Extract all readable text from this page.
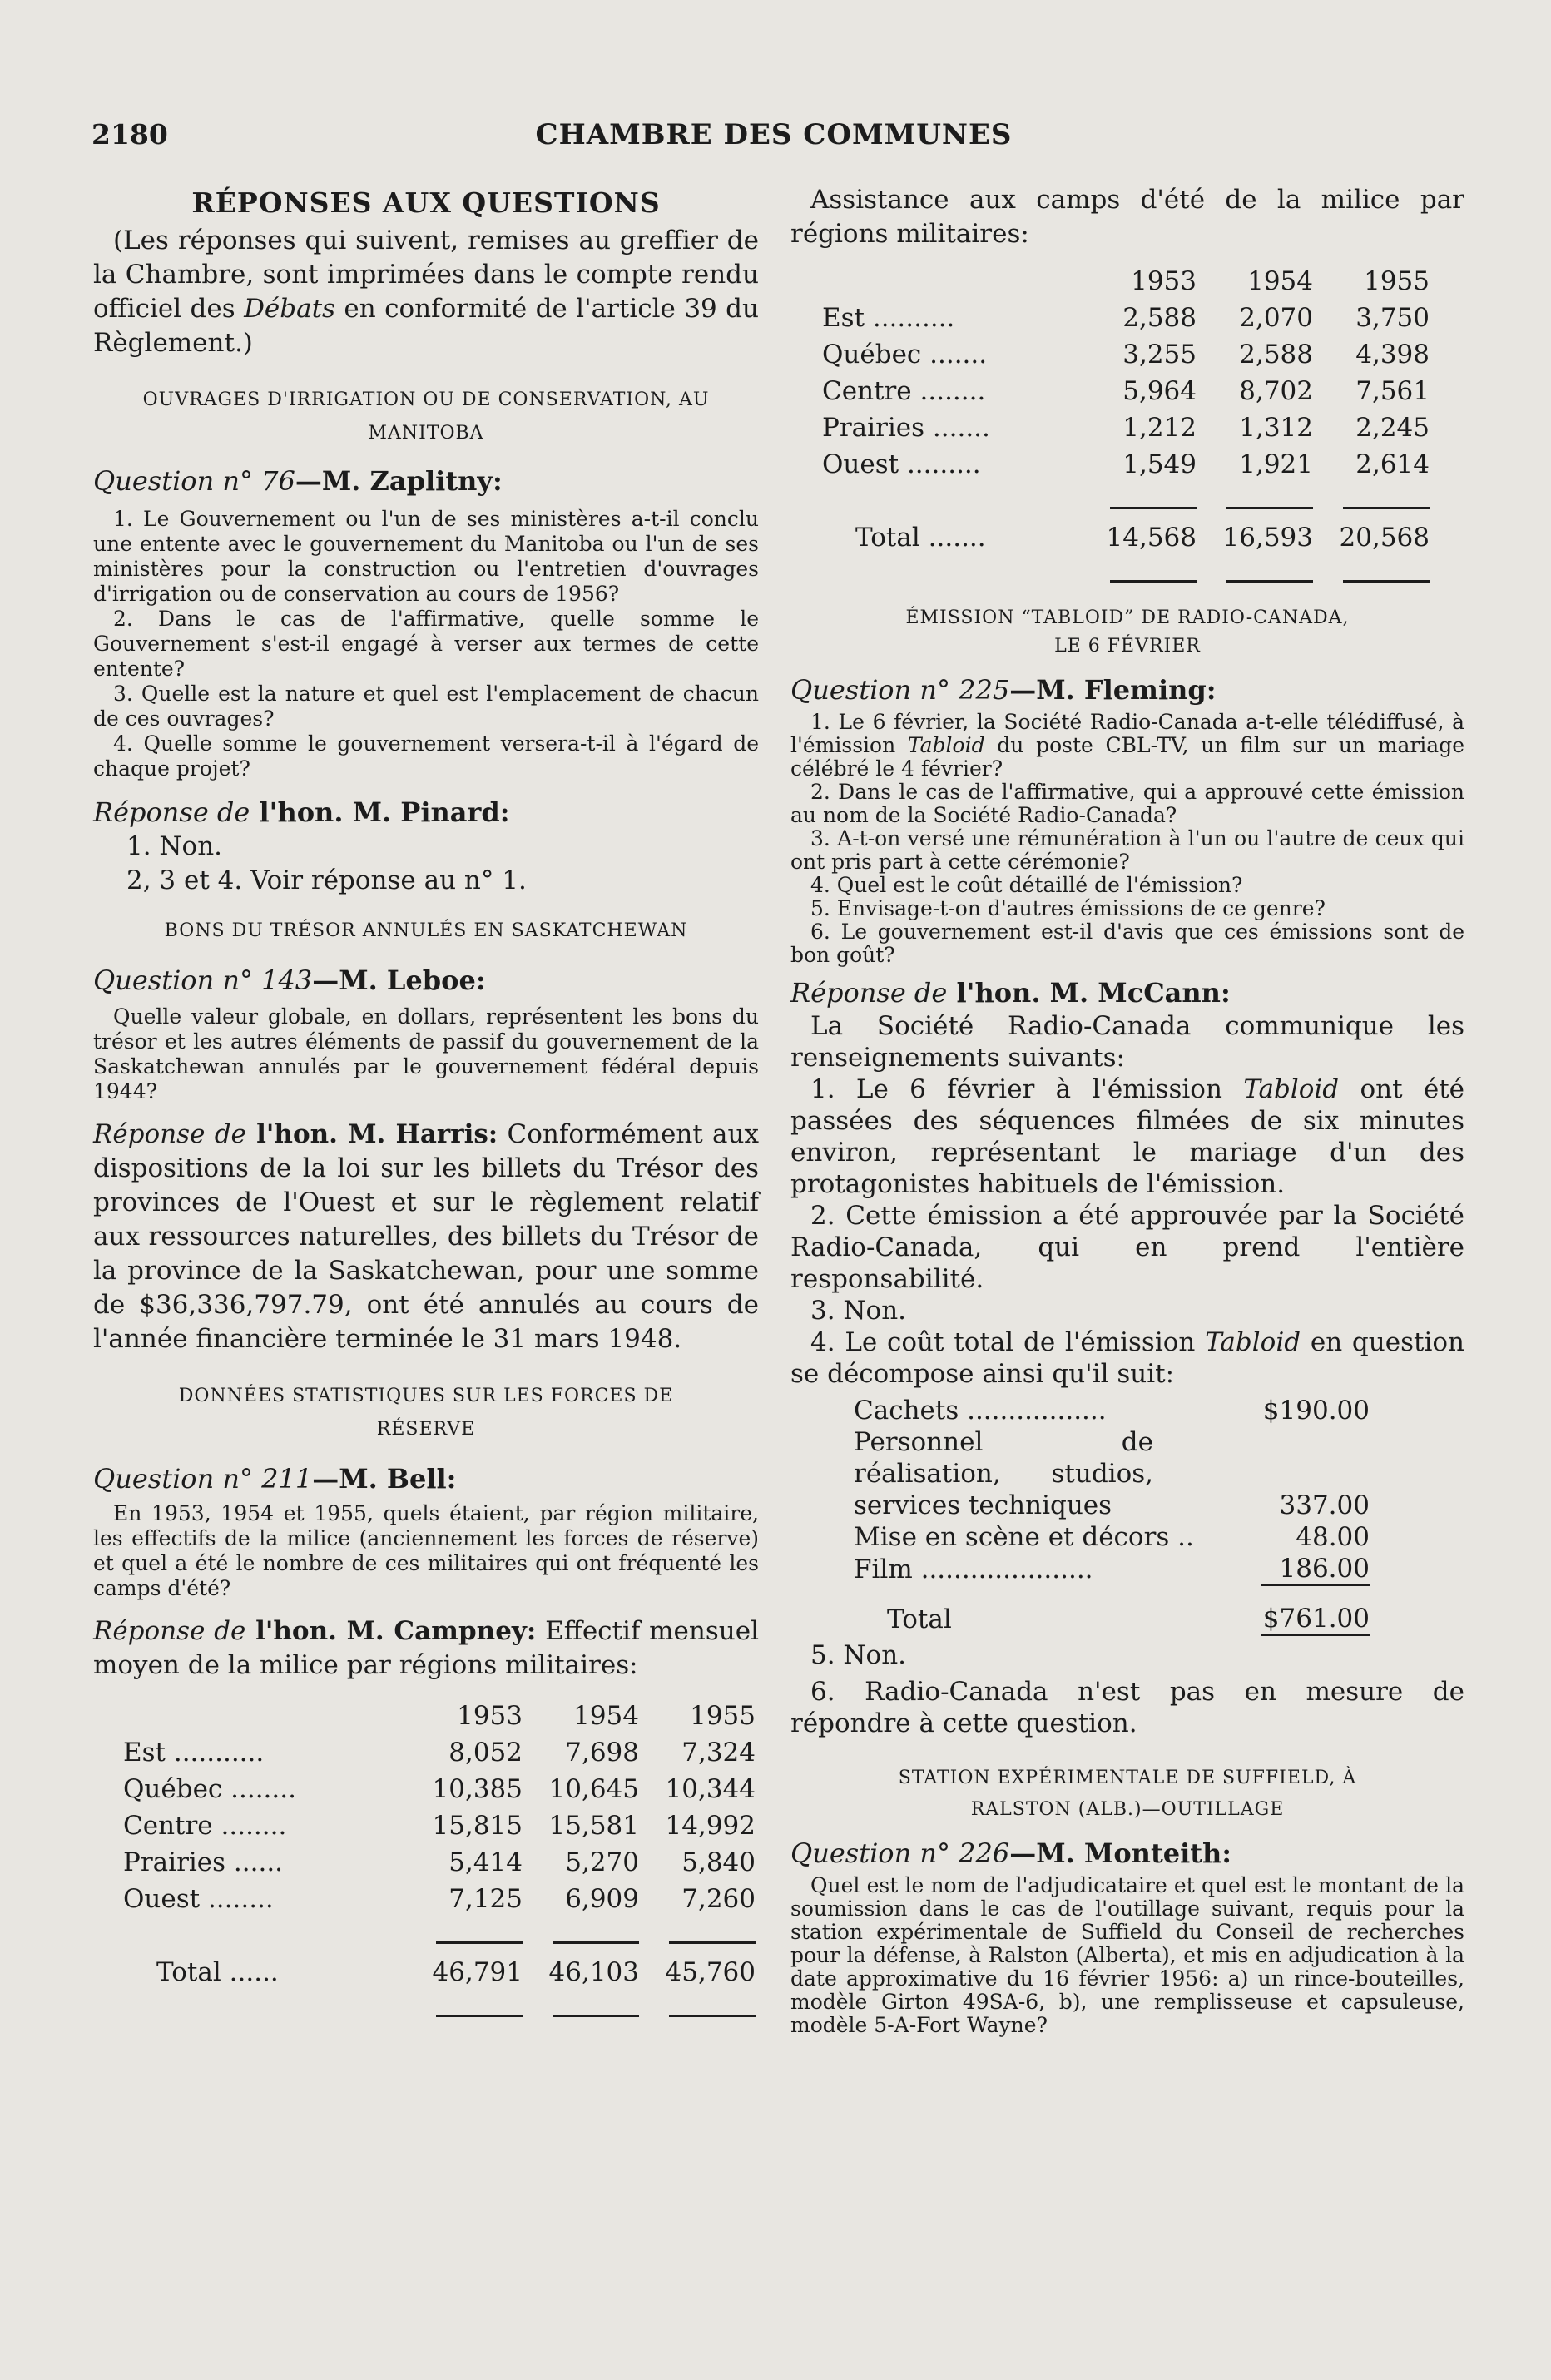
2180	CHAMBRE DES COMMUNES
RÉPONSES AUX QUESTIONS

(Les réponses qui suivent, remises au greffier de la Chambre, sont imprimées dans le compte rendu officiel des Débats en conformité de l'article 39 du Règlement.)

OUVRAGES D'IRRIGATION OU DE CONSERVATION, AU MANITOBA

Question n° 76—M. Zaplitny:

1. Le Gouvernement ou l'un de ses ministères a-t-il conclu une entente avec le gouvernement du Manitoba ou l'un de ses ministères pour la construction ou l'entretien d'ouvrages d'irrigation ou de conservation au cours de 1956?

2. Dans le cas de l'affirmative, quelle somme le Gouvernement s'est-il engagé à verser aux termes de cette entente?

3. Quelle est la nature et quel est l'emplacement de chacun de ces ouvrages?

4. Quelle somme le gouvernement versera-t-il à l'égard de chaque projet?

Réponse de l'hon. M. Pinard:

1. Non.

2, 3 et 4. Voir réponse au n° 1.

BONS DU TRÉSOR ANNULÉS EN SASKATCHEWAN

Question n° 143—M. Leboe:

Quelle valeur globale, en dollars, représentent les bons du trésor et les autres éléments de passif du gouvernement de la Saskatchewan annulés par le gouvernement fédéral depuis 1944?

Réponse de l'hon. M. Harris: Conformément aux dispositions de la loi sur les billets du Trésor des provinces de l'Ouest et sur le règlement relatif aux ressources naturelles, des billets du Trésor de la province de la Saskatchewan, pour une somme de $36,336,797.79, ont été annulés au cours de l'année financière terminée le 31 mars 1948.

DONNÉES STATISTIQUES SUR LES FORCES DE RÉSERVE

Question n° 211—M. Bell:

En 1953, 1954 et 1955, quels étaient, par région militaire, les effectifs de la milice (anciennement les forces de réserve) et quel a été le nombre de ces militaires qui ont fréquenté les camps d'été?

Réponse de l'hon. M. Campney: Effectif mensuel moyen de la milice par régions militaires:

	1953	1954	1955
Est ...........	8,052	7,698	7,324
Québec ........	10,385	10,645	10,344
Centre ........	15,815	15,581	14,992
Prairies ......	5,414	5,270	5,840
Ouest ........	7,125	6,909	7,260

Total ......	46,791	46,103	45,760

Assistance aux camps d'été de la milice par régions militaires:

	1953	1954	1955
Est ..........	2,588	2,070	3,750
Québec .......	3,255	2,588	4,398
Centre ........	5,964	8,702	7,561
Prairies .......	1,212	1,312	2,245
Ouest .........	1,549	1,921	2,614

Total .......	14,568	16,593	20,568

ÉMISSION “TABLOID” DE RADIO-CANADA,
LE 6 FÉVRIER

Question n° 225—M. Fleming:

1. Le 6 février, la Société Radio-Canada a-t-elle télédiffusé, à l'émission Tabloid du poste CBL-TV, un film sur un mariage célébré le 4 février?

2. Dans le cas de l'affirmative, qui a approuvé cette émission au nom de la Société Radio-Canada?

3. A-t-on versé une rémunération à l'un ou l'autre de ceux qui ont pris part à cette cérémonie?

4. Quel est le coût détaillé de l'émission?

5. Envisage-t-on d'autres émissions de ce genre?

6. Le gouvernement est-il d'avis que ces émissions sont de bon goût?

Réponse de l'hon. M. McCann:

La Société Radio-Canada communique les renseignements suivants:

1. Le 6 février à l'émission Tabloid ont été passées des séquences filmées de six minutes environ, représentant le mariage d'un des protagonistes habituels de l'émission.

2. Cette émission a été approuvée par la Société Radio-Canada, qui en prend l'entière responsabilité.

3. Non.

4. Le coût total de l'émission Tabloid en question se décompose ainsi qu'il suit:

Cachets .................	$190.00
Personnel de réalisation, studios, services techniques	337.00
Mise en scène et décors ..	48.00
Film .....................	186.00
Total	$761.00

5. Non.

6. Radio-Canada n'est pas en mesure de répondre à cette question.

STATION EXPÉRIMENTALE DE SUFFIELD, À
RALSTON (ALB.)—OUTILLAGE

Question n° 226—M. Monteith:

Quel est le nom de l'adjudicataire et quel est le montant de la soumission dans le cas de l'outillage suivant, requis pour la station expérimentale de Suffield du Conseil de recherches pour la défense, à Ralston (Alberta), et mis en adjudication à la date approximative du 16 février 1956: a) un rince-bouteilles, modèle Girton 49SA-6, b), une remplisseuse et capsuleuse, modèle 5-A-Fort Wayne?
